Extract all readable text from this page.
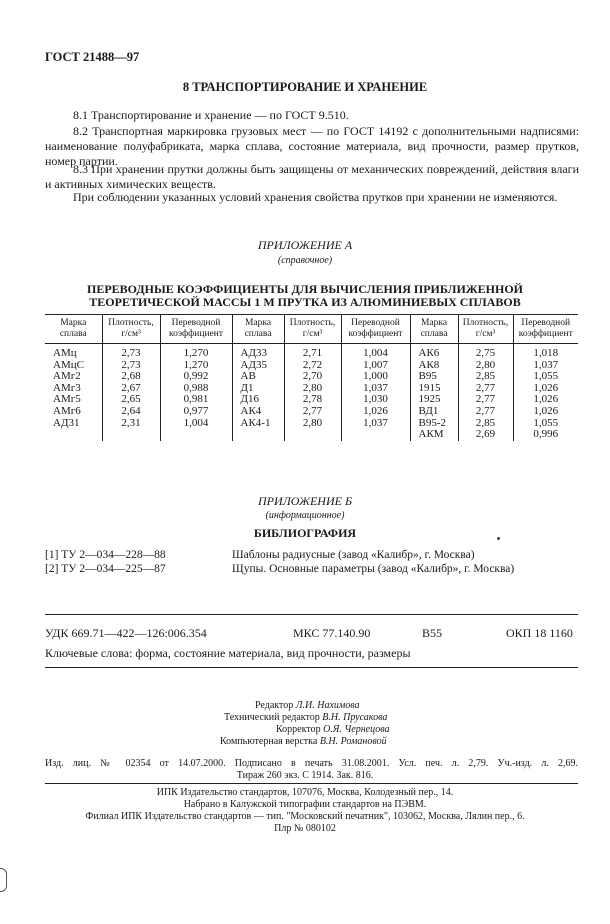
ГОСТ 21488—97
8 ТРАНСПОРТИРОВАНИЕ И ХРАНЕНИЕ
8.1 Транспортирование и хранение — по ГОСТ 9.510.
8.2 Транспортная маркировка грузовых мест — по ГОСТ 14192 с дополнительными надписями: наименование полуфабриката, марка сплава, состояние материала, вид прочности, размер прутков, номер партии.
8.3 При хранении прутки должны быть защищены от механических повреждений, действия влаги и активных химических веществ.
При соблюдении указанных условий хранения свойства прутков при хранении не изменяются.
ПРИЛОЖЕНИЕ А
(справочное)
ПЕРЕВОДНЫЕ КОЭФФИЦИЕНТЫ ДЛЯ ВЫЧИСЛЕНИЯ ПРИБЛИЖЕННОЙ
ТЕОРЕТИЧЕСКОЙ МАССЫ 1 М ПРУТКА ИЗ АЛЮМИНИЕВЫХ СПЛАВОВ
Марка сплава	Плотность, г/см³	Переводной коэффициент	Марка сплава	Плотность, г/см³	Переводной коэффициент	Марка сплава	Плотность, г/см³	Переводной коэффициент
АМц	2,73	1,270	АД33	2,71	1,004	АК6	2,75	1,018
АМцС	2,73	1,270	АД35	2,72	1,007	АК8	2,80	1,037
АМг2	2,68	0,992	АВ	2,70	1,000	В95	2,85	1,055
АМг3	2,67	0,988	Д1	2,80	1,037	1915	2,77	1,026
АМг5	2,65	0,981	Д16	2,78	1,030	1925	2,77	1,026
АМг6	2,64	0,977	АК4	2,77	1,026	ВД1	2,77	1,026
АД31	2,31	1,004	АК4-1	2,80	1,037	В95-2	2,85	1,055
						АКМ	2,69	0,996
ПРИЛОЖЕНИЕ Б
(информационное)
БИБЛИОГРАФИЯ
[1] ТУ 2—034—228—88	Шаблоны радиусные (завод «Калибр», г. Москва)
[2] ТУ 2—034—225—87	Щупы. Основные параметры (завод «Калибр», г. Москва)
УДК 669.71—422—126:006.354	МКС 77.140.90	В55	ОКП 18 1160
Ключевые слова: форма, состояние материала, вид прочности, размеры
Редактор Л.И. Нахимова
Технический редактор В.Н. Прусакова
Корректор О.Я. Чернецова
Компьютерная верстка В.Н. Романовой
Изд. лиц. № 02354 от 14.07.2000. Подписано в печать 31.08.2001. Усл. печ. л. 2,79. Уч.-изд. л. 2,69.
Тираж 260 экз. С 1914. Зак. 816.
ИПК Издательство стандартов, 107076, Москва, Колодезный пер., 14.
Набрано в Калужской типографии стандартов на ПЭВМ.
Филиал ИПК Издательство стандартов — тип. "Московский печатник", 103062, Москва, Лялин пер., 6.
Плр № 080102
